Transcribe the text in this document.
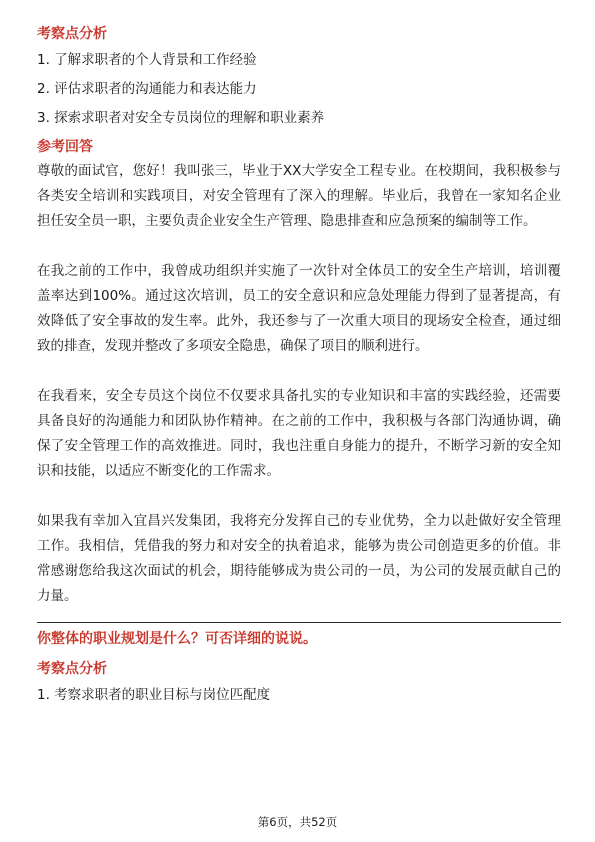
考察点分析
1. 了解求职者的个人背景和工作经验
2. 评估求职者的沟通能力和表达能力
3. 探索求职者对安全专员岗位的理解和职业素养
参考回答

尊敬的面试官，您好！我叫张三，毕业于XX大学安全工程专业。在校期间，我积极参与各类安全培训和实践项目，对安全管理有了深入的理解。毕业后，我曾在一家知名企业担任安全员一职，主要负责企业安全生产管理、隐患排查和应急预案的编制等工作。

在我之前的工作中，我曾成功组织并实施了一次针对全体员工的安全生产培训，培训覆盖率达到100%。通过这次培训，员工的安全意识和应急处理能力得到了显著提高，有效降低了安全事故的发生率。此外，我还参与了一次重大项目的现场安全检查，通过细致的排查，发现并整改了多项安全隐患，确保了项目的顺利进行。

在我看来，安全专员这个岗位不仅要求具备扎实的专业知识和丰富的实践经验，还需要具备良好的沟通能力和团队协作精神。在之前的工作中，我积极与各部门沟通协调，确保了安全管理工作的高效推进。同时，我也注重自身能力的提升，不断学习新的安全知识和技能，以适应不断变化的工作需求。

如果我有幸加入宜昌兴发集团，我将充分发挥自己的专业优势，全力以赴做好安全管理工作。我相信，凭借我的努力和对安全的执着追求，能够为贵公司创造更多的价值。非常感谢您给我这次面试的机会，期待能够成为贵公司的一员，为公司的发展贡献自己的力量。

你整体的职业规划是什么？可否详细的说说。
考察点分析
1. 考察求职者的职业目标与岗位匹配度
第6页，共52页
